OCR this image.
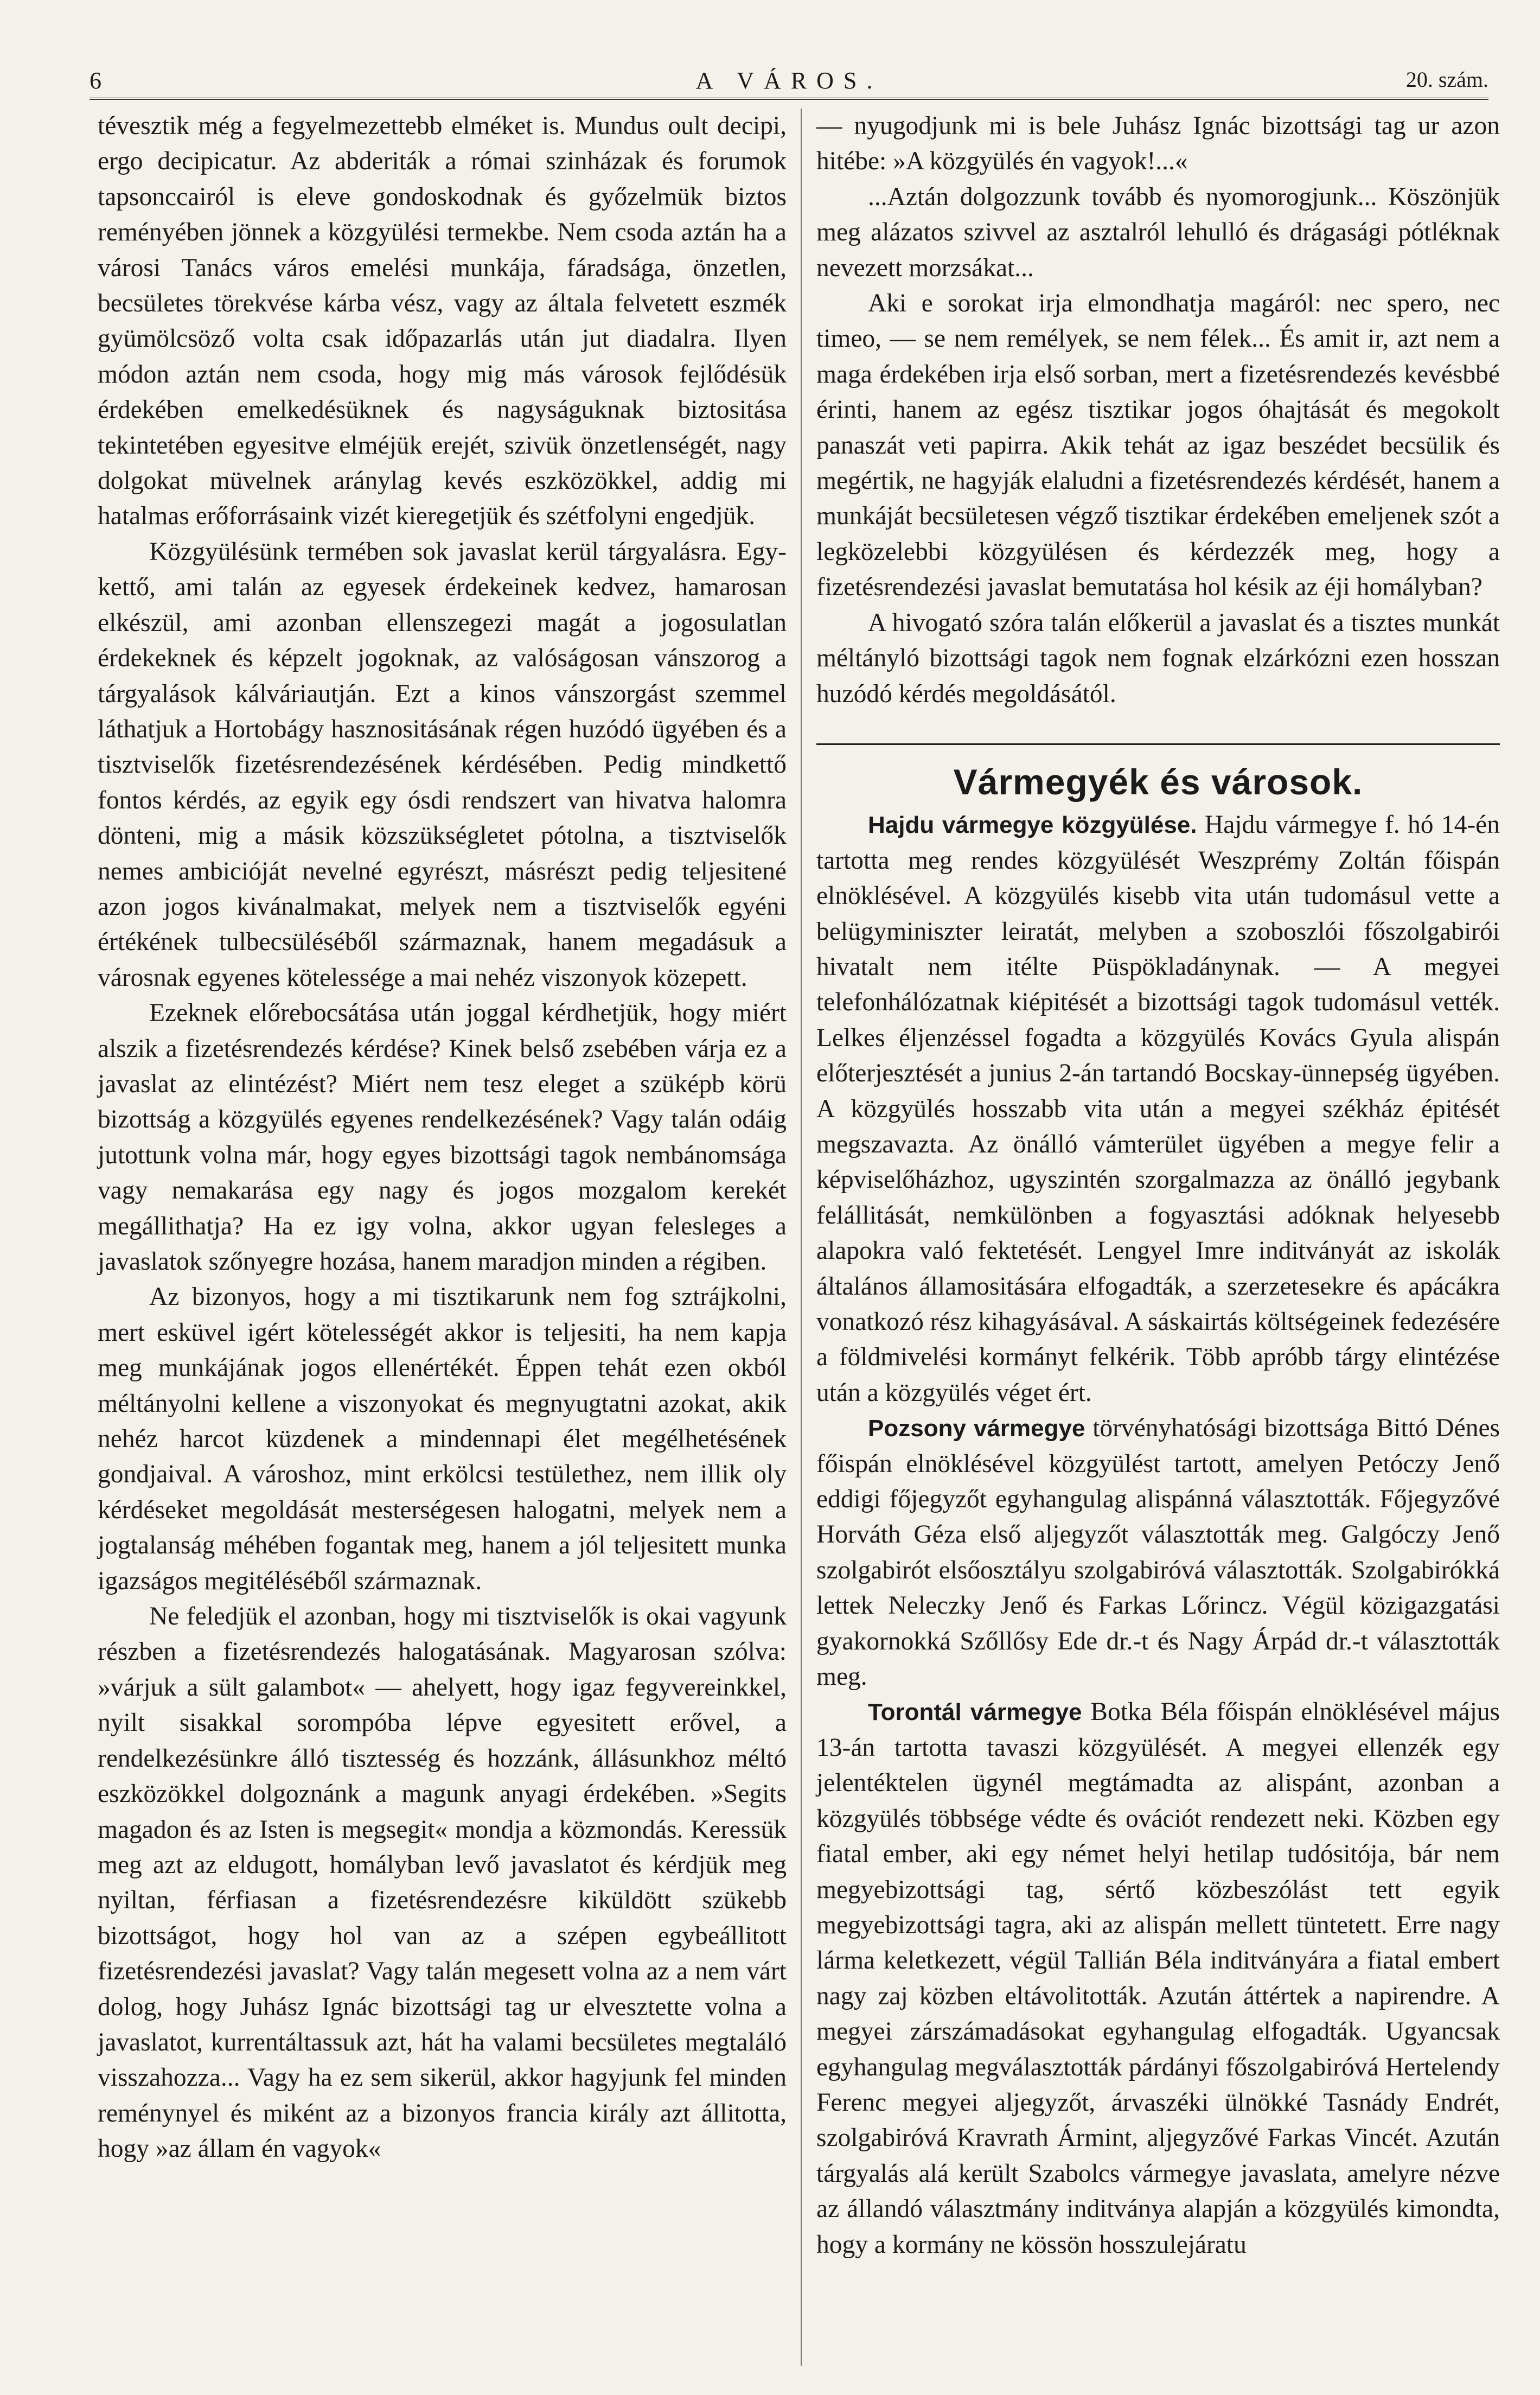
6	A VÁROS.	20. szám.

tévesztik még a fegyelmezettebb elméket is. Mundus oult decipi, ergo decipicatur. Az abderiták a római szinházak és forumok tapsonccairól is eleve gondoskodnak és győzelmük biztos reményében jönnek a közgyülési termekbe. Nem csoda aztán ha a városi Tanács város emelési munkája, fáradsága, önzetlen, becsületes törekvése kárba vész, vagy az általa felvetett eszmék gyümölcsöző volta csak időpazarlás után jut diadalra. Ilyen módon aztán nem csoda, hogy mig más városok fejlődésük érdekében emelkedésüknek és nagyságuknak biztositása tekintetében egyesitve elméjük erejét, szivük önzetlenségét, nagy dolgokat müvelnek aránylag kevés eszközökkel, addig mi hatalmas erőforrásaink vizét kieregetjük és szétfolyni engedjük.

Közgyülésünk termében sok javaslat kerül tárgyalásra. Egy-kettő, ami talán az egyesek érdekeinek kedvez, hamarosan elkészül, ami azonban ellenszegezi magát a jogosulatlan érdekeknek és képzelt jogoknak, az valóságosan vánszorog a tárgyalások kálváriautján. Ezt a kinos vánszorgást szemmel láthatjuk a Hortobágy hasznositásának régen huzódó ügyében és a tisztviselők fizetésrendezésének kérdésében. Pedig mindkettő fontos kérdés, az egyik egy ósdi rendszert van hivatva halomra dönteni, mig a másik közszükségletet pótolna, a tisztviselők nemes ambicióját nevelné egyrészt, másrészt pedig teljesitené azon jogos kivánalmakat, melyek nem a tisztviselők egyéni értékének tulbecsüléséből származnak, hanem megadásuk a városnak egyenes kötelessége a mai nehéz viszonyok közepett.

Ezeknek előrebocsátása után joggal kérdhetjük, hogy miért alszik a fizetésrendezés kérdése? Kinek belső zsebében várja ez a javaslat az elintézést? Miért nem tesz eleget a szüképb körü bizottság a közgyülés egyenes rendelkezésének? Vagy talán odáig jutottunk volna már, hogy egyes bizottsági tagok nembánomsága vagy nemakarása egy nagy és jogos mozgalom kerekét megállithatja? Ha ez igy volna, akkor ugyan felesleges a javaslatok szőnyegre hozása, hanem maradjon minden a régiben.

Az bizonyos, hogy a mi tisztikarunk nem fog sztrájkolni, mert esküvel igért kötelességét akkor is teljesiti, ha nem kapja meg munkájának jogos ellenértékét. Éppen tehát ezen okból méltányolni kellene a viszonyokat és megnyugtatni azokat, akik nehéz harcot küzdenek a mindennapi élet megélhetésének gondjaival. A városhoz, mint erkölcsi testülethez, nem illik oly kérdéseket megoldását mesterségesen halogatni, melyek nem a jogtalanság méhében fogantak meg, hanem a jól teljesitett munka igazságos megitéléséből származnak.

Ne feledjük el azonban, hogy mi tisztviselők is okai vagyunk részben a fizetésrendezés halogatásának. Magyarosan szólva: »várjuk a sült galambot« — ahelyett, hogy igaz fegyvereinkkel, nyilt sisakkal sorompóba lépve egyesitett erővel, a rendelkezésünkre álló tisztesség és hozzánk, állásunkhoz méltó eszközökkel dolgoznánk a magunk anyagi érdekében. »Segits magadon és az Isten is megsegit« mondja a közmondás. Keressük meg azt az eldugott, homályban levő javaslatot és kérdjük meg nyiltan, férfiasan a fizetésrendezésre kiküldött szükebb bizottságot, hogy hol van az a szépen egybeállitott fizetésrendezési javaslat? Vagy talán megesett volna az a nem várt dolog, hogy Juhász Ignác bizottsági tag ur elvesztette volna a javaslatot, kurrentáltassuk azt, hát ha valami becsületes megtaláló visszahozza... Vagy ha ez sem sikerül, akkor hagyjunk fel minden reménynyel és miként az a bizonyos francia király azt állitotta, hogy »az állam én vagyok«

— nyugodjunk mi is bele Juhász Ignác bizottsági tag ur azon hitébe: »A közgyülés én vagyok!...«

...Aztán dolgozzunk tovább és nyomorogjunk... Köszönjük meg alázatos szivvel az asztalról lehulló és drágasági pótléknak nevezett morzsákat...

Aki e sorokat irja elmondhatja magáról: nec spero, nec timeo, — se nem remélyek, se nem félek... És amit ir, azt nem a maga érdekében irja első sorban, mert a fizetésrendezés kevésbbé érinti, hanem az egész tisztikar jogos óhajtását és megokolt panaszát veti papirra. Akik tehát az igaz beszédet becsülik és megértik, ne hagyják elaludni a fizetésrendezés kérdését, hanem a munkáját becsületesen végző tisztikar érdekében emeljenek szót a legközelebbi közgyülésen és kérdezzék meg, hogy a fizetésrendezési javaslat bemutatása hol késik az éji homályban?

A hivogató szóra talán előkerül a javaslat és a tisztes munkát méltányló bizottsági tagok nem fognak elzárkózni ezen hosszan huzódó kérdés megoldásától.

Vármegyék és városok.

Hajdu vármegye közgyülése. Hajdu vármegye f. hó 14-én tartotta meg rendes közgyülését Weszprémy Zoltán főispán elnöklésével. A közgyülés kisebb vita után tudomásul vette a belügyminiszter leiratát, melyben a szoboszlói főszolgabirói hivatalt nem itélte Püspökladánynak. — A megyei telefonhálózatnak kiépitését a bizottsági tagok tudomásul vették. Lelkes éljenzéssel fogadta a közgyülés Kovács Gyula alispán előterjesztését a junius 2-án tartandó Bocskay-ünnepség ügyében. A közgyülés hosszabb vita után a megyei székház épitését megszavazta. Az önálló vámterület ügyében a megye felir a képviselőházhoz, ugyszintén szorgalmazza az önálló jegybank felállitását, nemkülönben a fogyasztási adóknak helyesebb alapokra való fektetését. Lengyel Imre inditványát az iskolák általános államositására elfogadták, a szerzetesekre és apácákra vonatkozó rész kihagyásával. A sáskairtás költségeinek fedezésére a földmivelési kormányt felkérik. Több apróbb tárgy elintézése után a közgyülés véget ért.

Pozsony vármegye törvényhatósági bizottsága Bittó Dénes főispán elnöklésével közgyülést tartott, amelyen Petóczy Jenő eddigi főjegyzőt egyhangulag alispánná választották. Főjegyzővé Horváth Géza első aljegyzőt választották meg. Galgóczy Jenő szolgabirót elsőosztályu szolgabiróvá választották. Szolgabirókká lettek Neleczky Jenő és Farkas Lőrincz. Végül közigazgatási gyakornokká Szőllősy Ede dr.-t és Nagy Árpád dr.-t választották meg.

Torontál vármegye Botka Béla főispán elnöklésével május 13-án tartotta tavaszi közgyülését. A megyei ellenzék egy jelentéktelen ügynél megtámadta az alispánt, azonban a közgyülés többsége védte és ovációt rendezett neki. Közben egy fiatal ember, aki egy német helyi hetilap tudósitója, bár nem megyebizottsági tag, sértő közbeszólást tett egyik megyebizottsági tagra, aki az alispán mellett tüntetett. Erre nagy lárma keletkezett, végül Tallián Béla inditványára a fiatal embert nagy zaj közben eltávolitották. Azután áttértek a napirendre. A megyei zárszámadásokat egyhangulag elfogadták. Ugyancsak egyhangulag megválasztották párdányi főszolgabiróvá Hertelendy Ferenc megyei aljegyzőt, árvaszéki ülnökké Tasnády Endrét, szolgabiróvá Kravrath Ármint, aljegyzővé Farkas Vincét. Azután tárgyalás alá került Szabolcs vármegye javaslata, amelyre nézve az állandó választmány inditványa alapján a közgyülés kimondta, hogy a kormány ne kössön hosszulejáratu
